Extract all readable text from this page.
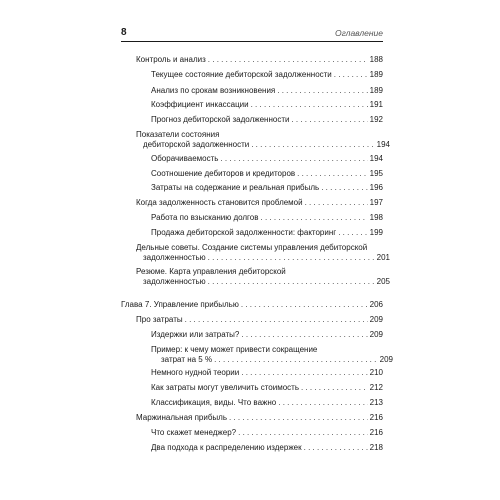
8	Оглавление
Контроль и анализ . . .	188
Текущее состояние дебиторской задолженности . . .	189
Анализ по срокам возникновения . . .	189
Коэффициент инкассации . . .	191
Прогноз дебиторской задолженности . . .	192
Показатели состояния
дебиторской задолженности . . .	194
Оборачиваемость . . .	194
Соотношение дебиторов и кредиторов . . .	195
Затраты на содержание и реальная прибыль . . .	196
Когда задолженность становится проблемой . . .	197
Работа по взысканию долгов . . .	198
Продажа дебиторской задолженности: факторинг . . .	199
Дельные советы. Создание системы управления дебиторской
задолженностью . . .	201
Резюме. Карта управления дебиторской
задолженностью . . .	205
Глава 7. Управление прибылью . . .	206
Про затраты . . .	209
Издержки или затраты? . . .	209
Пример: к чему может привести сокращение
затрат на 5 % . . .	209
Немного нудной теории . . .	210
Как затраты могут увеличить стоимость . . .	212
Классификация, виды. Что важно . . .	213
Маржинальная прибыль . . .	216
Что скажет менеджер? . . .	216
Два подхода к распределению издержек . . .	218
